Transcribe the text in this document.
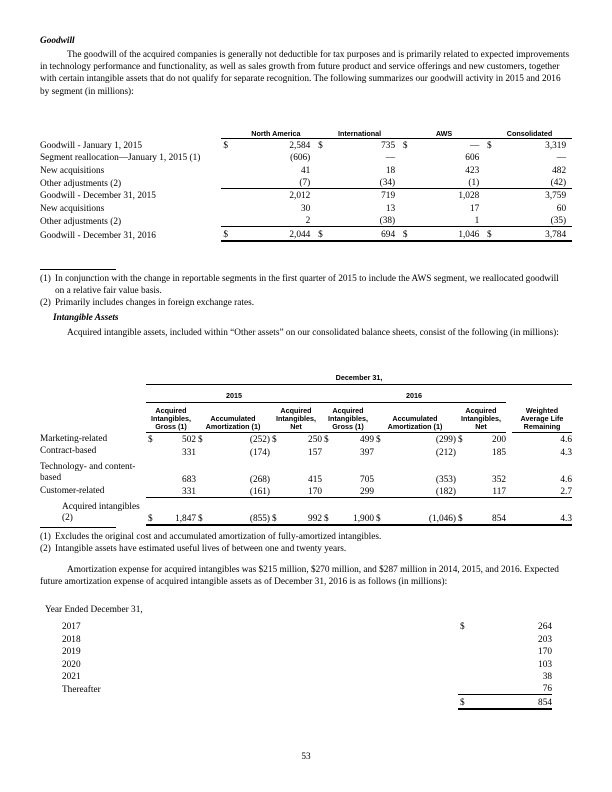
Goodwill

The goodwill of the acquired companies is generally not deductible for tax purposes and is primarily related to expected improvements in technology performance and functionality, as well as sales growth from future product and service offerings and new customers, together with certain intangible assets that do not qualify for separate recognition. The following summarizes our goodwill activity in 2015 and 2016 by segment (in millions):

		North America			International			AWS			Consolidated	
Goodwill - January 1, 2015	$	2,584		$	735		$	—		$	3,319	
Segment reallocation—January 1, 2015 (1)		(606)			—			606			—	
New acquisitions		41			18			423			482	
Other adjustments (2)		(7)			(34)			(1)			(42)	
Goodwill - December 31, 2015		2,012			719			1,028			3,759	
New acquisitions		30			13			17			60	
Other adjustments (2)		2			(38)			1			(35)	
Goodwill - December 31, 2016	$	2,044		$	694		$	1,046		$	3,784	
(1) In conjunction with the change in reportable segments in the first quarter of 2015 to include the AWS segment, we reallocated goodwill on a relative fair value basis.
(2) Primarily includes changes in foreign exchange rates.
Intangible Assets

Acquired intangible assets, included within “Other assets” on our consolidated balance sheets, consist of the following (in millions):

	December 31,													
	2015						2016							
	Acquired Intangibles, Gross (1)		Accumulated Amortization (1)		Acquired Intangibles, Net		Acquired Intangibles, Gross (1)		Accumulated Amortization (1)		Acquired Intangibles, Net			Weighted Average Life Remaining
Marketing-related	$	502	$	(252)	$	250	$	499	$	(299)	$	200		4.6
Contract-based		331		(174)		157		397		(212)		185		4.3
Technology- and content-based		683		(268)		415		705		(353)		352		4.6
Customer-related		331		(161)		170		299		(182)		117		2.7
Acquired intangibles (2)	$	1,847	$	(855)	$	992	$	1,900	$	(1,046)	$	854		4.3
(1) Excludes the original cost and accumulated amortization of fully-amortized intangibles.
(2) Intangible assets have estimated useful lives of between one and twenty years.

Amortization expense for acquired intangibles was $215 million, $270 million, and $287 million in 2014, 2015, and 2016. Expected future amortization expense of acquired intangible assets as of December 31, 2016 is as follows (in millions):

Year Ended December 31,
2017	$	264
2018		203
2019		170
2020		103
2021		38
Thereafter		76
	$	854
53
